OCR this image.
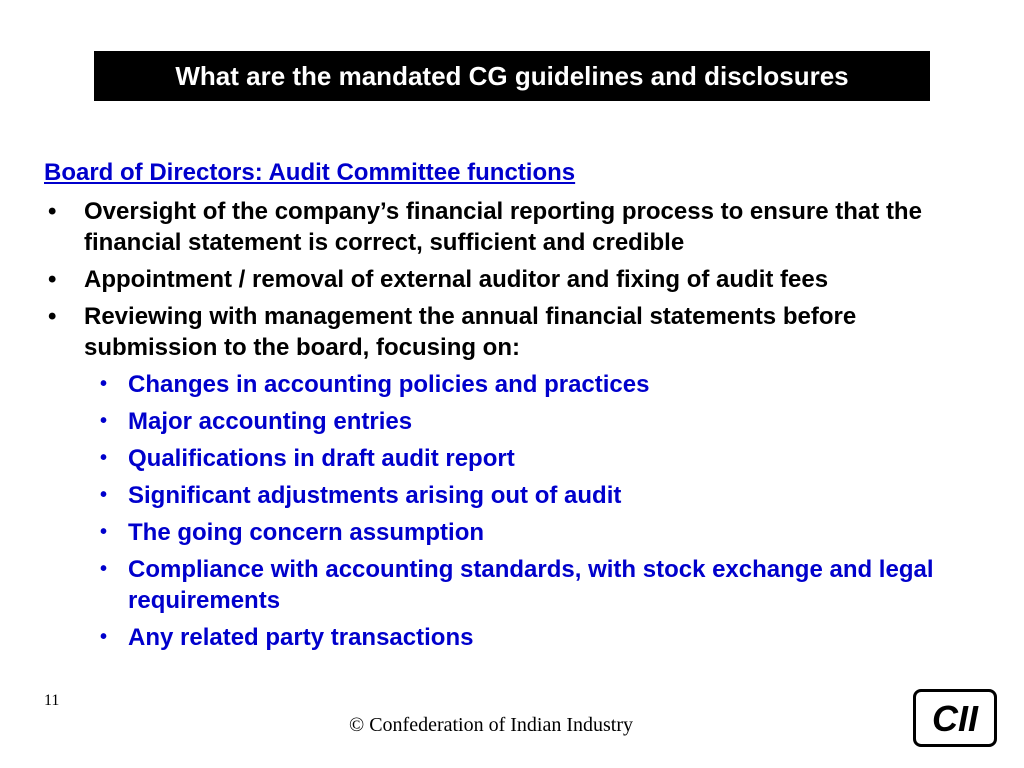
What are the mandated CG guidelines and disclosures
Board of Directors: Audit Committee functions
• Oversight of the company’s financial reporting process to ensure that the financial statement is correct, sufficient and credible
• Appointment / removal of external auditor and fixing of audit fees
• Reviewing with management the annual financial statements before submission to the board, focusing on:
• Changes in accounting policies and practices
• Major accounting entries
• Qualifications in draft audit report
• Significant adjustments arising out of audit
• The going concern assumption
• Compliance with accounting standards, with stock exchange and legal requirements
• Any related party transactions
11
© Confederation of Indian Industry	CII
